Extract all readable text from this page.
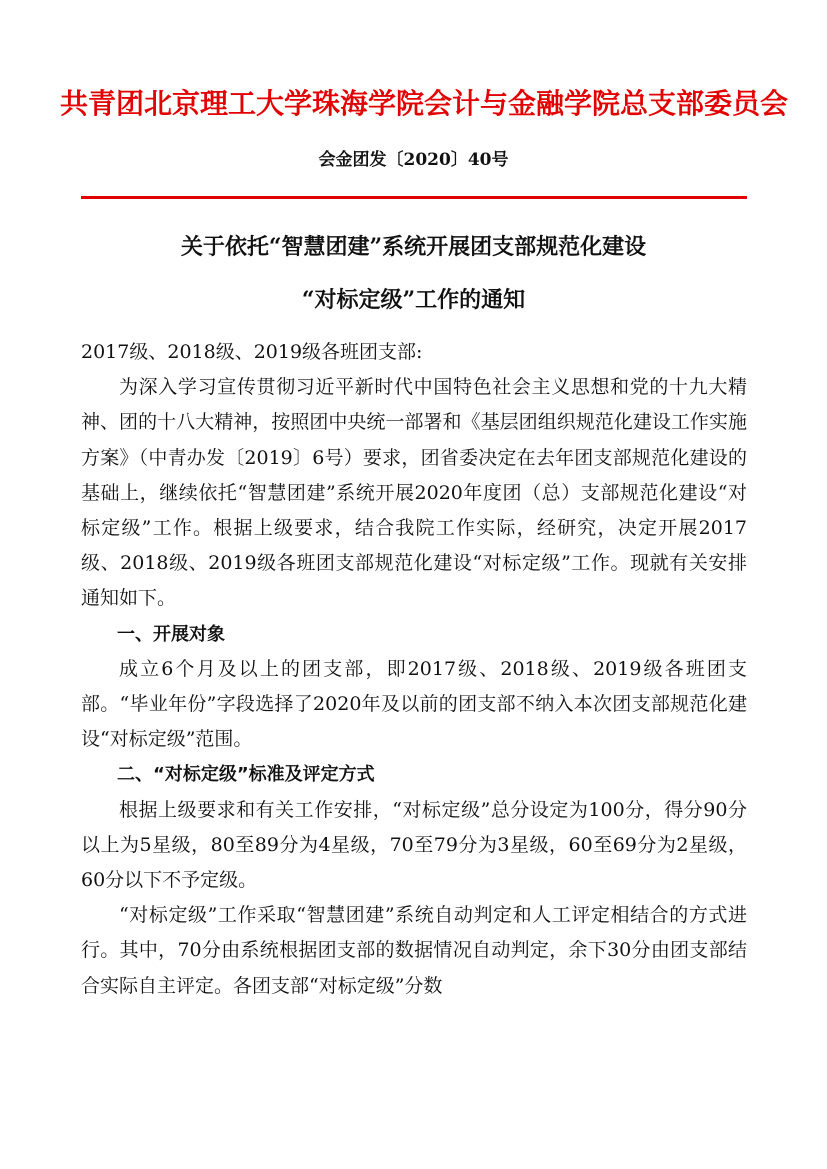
共青团北京理工大学珠海学院会计与金融学院总支部委员会
会金团发〔2020〕40号
关于依托“智慧团建”系统开展团支部规范化建设
“对标定级”工作的通知

2017级、2018级、2019级各班团支部:

为深入学习宣传贯彻习近平新时代中国特色社会主义思想和党的十九大精神、团的十八大精神，按照团中央统一部署和《基层团组织规范化建设工作实施方案》（中青办发〔2019〕6号）要求，团省委决定在去年团支部规范化建设的基础上，继续依托“智慧团建”系统开展2020年度团（总）支部规范化建设“对标定级”工作。根据上级要求，结合我院工作实际，经研究，决定开展2017级、2018级、2019级各班团支部规范化建设“对标定级”工作。现就有关安排通知如下。

一、开展对象

成立6个月及以上的团支部，即2017级、2018级、2019级各班团支部。“毕业年份”字段选择了2020年及以前的团支部不纳入本次团支部规范化建设“对标定级”范围。

二、“对标定级”标准及评定方式

根据上级要求和有关工作安排，“对标定级”总分设定为100分，得分90分以上为5星级，80至89分为4星级，70至79分为3星级，60至69分为2星级，60分以下不予定级。

“对标定级”工作采取“智慧团建”系统自动判定和人工评定相结合的方式进行。其中，70分由系统根据团支部的数据情况自动判定，余下30分由团支部结合实际自主评定。各团支部“对标定级”分数
